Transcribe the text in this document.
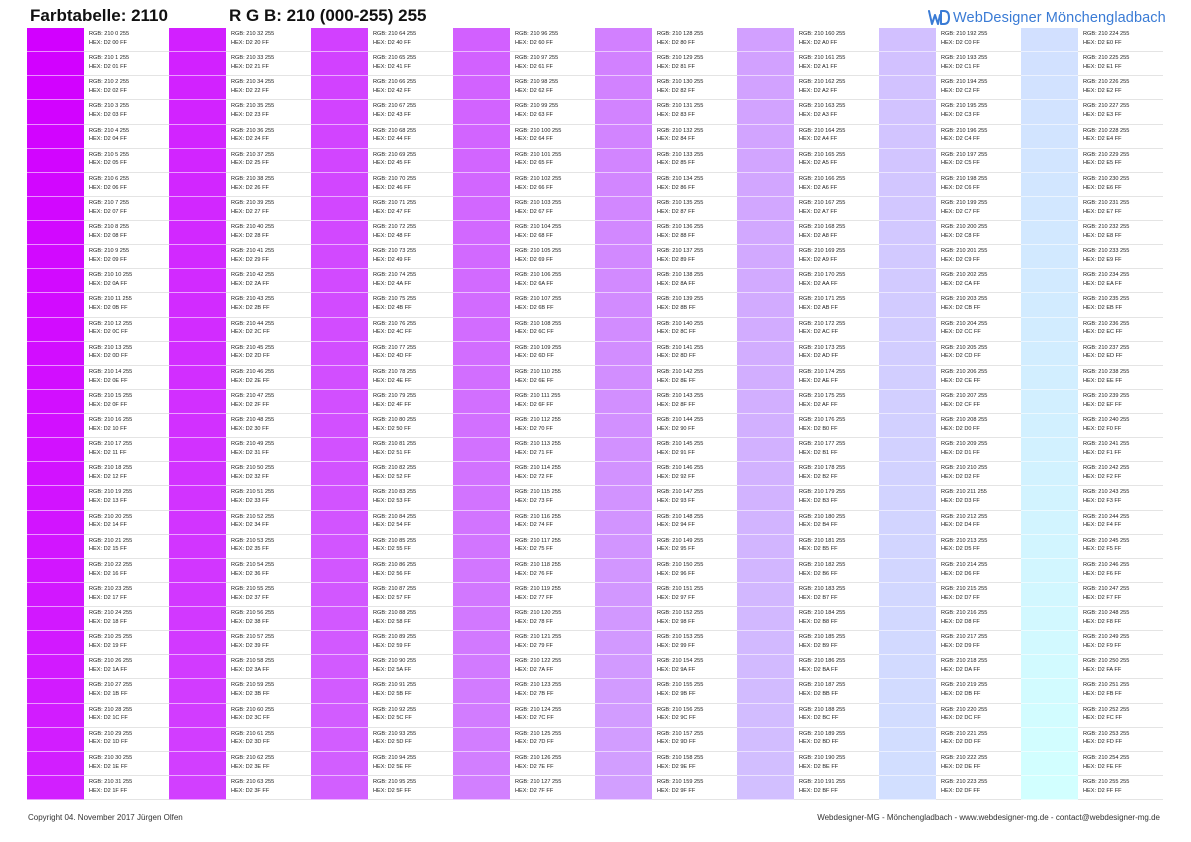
Farbtabelle: 2110	R G B: 210 (000-255) 255	WebDesigner Mönchengladbach
RGB: 210 0 255
HEX: D2 00 FF
RGB: 210 1 255
HEX: D2 01 FF
RGB: 210 2 255
HEX: D2 02 FF
RGB: 210 3 255
HEX: D2 03 FF
RGB: 210 4 255
HEX: D2 04 FF
RGB: 210 5 255
HEX: D2 05 FF
RGB: 210 6 255
HEX: D2 06 FF
RGB: 210 7 255
HEX: D2 07 FF
RGB: 210 8 255
HEX: D2 08 FF
RGB: 210 9 255
HEX: D2 09 FF
RGB: 210 10 255
HEX: D2 0A FF
RGB: 210 11 255
HEX: D2 0B FF
RGB: 210 12 255
HEX: D2 0C FF
RGB: 210 13 255
HEX: D2 0D FF
RGB: 210 14 255
HEX: D2 0E FF
RGB: 210 15 255
HEX: D2 0F FF
RGB: 210 16 255
HEX: D2 10 FF
RGB: 210 17 255
HEX: D2 11 FF
RGB: 210 18 255
HEX: D2 12 FF
RGB: 210 19 255
HEX: D2 13 FF
RGB: 210 20 255
HEX: D2 14 FF
RGB: 210 21 255
HEX: D2 15 FF
RGB: 210 22 255
HEX: D2 16 FF
RGB: 210 23 255
HEX: D2 17 FF
RGB: 210 24 255
HEX: D2 18 FF
RGB: 210 25 255
HEX: D2 19 FF
RGB: 210 26 255
HEX: D2 1A FF
RGB: 210 27 255
HEX: D2 1B FF
RGB: 210 28 255
HEX: D2 1C FF
RGB: 210 29 255
HEX: D2 1D FF
RGB: 210 30 255
HEX: D2 1E FF
RGB: 210 31 255
HEX: D2 1F FF
RGB: 210 32 255
HEX: D2 20 FF
RGB: 210 33 255
HEX: D2 21 FF
RGB: 210 34 255
HEX: D2 22 FF
RGB: 210 35 255
HEX: D2 23 FF
RGB: 210 36 255
HEX: D2 24 FF
RGB: 210 37 255
HEX: D2 25 FF
RGB: 210 38 255
HEX: D2 26 FF
RGB: 210 39 255
HEX: D2 27 FF
RGB: 210 40 255
HEX: D2 28 FF
RGB: 210 41 255
HEX: D2 29 FF
RGB: 210 42 255
HEX: D2 2A FF
RGB: 210 43 255
HEX: D2 2B FF
RGB: 210 44 255
HEX: D2 2C FF
RGB: 210 45 255
HEX: D2 2D FF
RGB: 210 46 255
HEX: D2 2E FF
RGB: 210 47 255
HEX: D2 2F FF
RGB: 210 48 255
HEX: D2 30 FF
RGB: 210 49 255
HEX: D2 31 FF
RGB: 210 50 255
HEX: D2 32 FF
RGB: 210 51 255
HEX: D2 33 FF
RGB: 210 52 255
HEX: D2 34 FF
RGB: 210 53 255
HEX: D2 35 FF
RGB: 210 54 255
HEX: D2 36 FF
RGB: 210 55 255
HEX: D2 37 FF
RGB: 210 56 255
HEX: D2 38 FF
RGB: 210 57 255
HEX: D2 39 FF
RGB: 210 58 255
HEX: D2 3A FF
RGB: 210 59 255
HEX: D2 3B FF
RGB: 210 60 255
HEX: D2 3C FF
RGB: 210 61 255
HEX: D2 3D FF
RGB: 210 62 255
HEX: D2 3E FF
RGB: 210 63 255
HEX: D2 3F FF
RGB: 210 64 255
HEX: D2 40 FF
RGB: 210 65 255
HEX: D2 41 FF
RGB: 210 66 255
HEX: D2 42 FF
RGB: 210 67 255
HEX: D2 43 FF
RGB: 210 68 255
HEX: D2 44 FF
RGB: 210 69 255
HEX: D2 45 FF
RGB: 210 70 255
HEX: D2 46 FF
RGB: 210 71 255
HEX: D2 47 FF
RGB: 210 72 255
HEX: D2 48 FF
RGB: 210 73 255
HEX: D2 49 FF
RGB: 210 74 255
HEX: D2 4A FF
RGB: 210 75 255
HEX: D2 4B FF
RGB: 210 76 255
HEX: D2 4C FF
RGB: 210 77 255
HEX: D2 4D FF
RGB: 210 78 255
HEX: D2 4E FF
RGB: 210 79 255
HEX: D2 4F FF
RGB: 210 80 255
HEX: D2 50 FF
RGB: 210 81 255
HEX: D2 51 FF
RGB: 210 82 255
HEX: D2 52 FF
RGB: 210 83 255
HEX: D2 53 FF
RGB: 210 84 255
HEX: D2 54 FF
RGB: 210 85 255
HEX: D2 55 FF
RGB: 210 86 255
HEX: D2 56 FF
RGB: 210 87 255
HEX: D2 57 FF
RGB: 210 88 255
HEX: D2 58 FF
RGB: 210 89 255
HEX: D2 59 FF
RGB: 210 90 255
HEX: D2 5A FF
RGB: 210 91 255
HEX: D2 5B FF
RGB: 210 92 255
HEX: D2 5C FF
RGB: 210 93 255
HEX: D2 5D FF
RGB: 210 94 255
HEX: D2 5E FF
RGB: 210 95 255
HEX: D2 5F FF
RGB: 210 96 255
HEX: D2 60 FF
RGB: 210 97 255
HEX: D2 61 FF
RGB: 210 98 255
HEX: D2 62 FF
RGB: 210 99 255
HEX: D2 63 FF
RGB: 210 100 255
HEX: D2 64 FF
RGB: 210 101 255
HEX: D2 65 FF
RGB: 210 102 255
HEX: D2 66 FF
RGB: 210 103 255
HEX: D2 67 FF
RGB: 210 104 255
HEX: D2 68 FF
RGB: 210 105 255
HEX: D2 69 FF
RGB: 210 106 255
HEX: D2 6A FF
RGB: 210 107 255
HEX: D2 6B FF
RGB: 210 108 255
HEX: D2 6C FF
RGB: 210 109 255
HEX: D2 6D FF
RGB: 210 110 255
HEX: D2 6E FF
RGB: 210 111 255
HEX: D2 6F FF
RGB: 210 112 255
HEX: D2 70 FF
RGB: 210 113 255
HEX: D2 71 FF
RGB: 210 114 255
HEX: D2 72 FF
RGB: 210 115 255
HEX: D2 73 FF
RGB: 210 116 255
HEX: D2 74 FF
RGB: 210 117 255
HEX: D2 75 FF
RGB: 210 118 255
HEX: D2 76 FF
RGB: 210 119 255
HEX: D2 77 FF
RGB: 210 120 255
HEX: D2 78 FF
RGB: 210 121 255
HEX: D2 79 FF
RGB: 210 122 255
HEX: D2 7A FF
RGB: 210 123 255
HEX: D2 7B FF
RGB: 210 124 255
HEX: D2 7C FF
RGB: 210 125 255
HEX: D2 7D FF
RGB: 210 126 255
HEX: D2 7E FF
RGB: 210 127 255
HEX: D2 7F FF
RGB: 210 128 255
HEX: D2 80 FF
RGB: 210 129 255
HEX: D2 81 FF
RGB: 210 130 255
HEX: D2 82 FF
RGB: 210 131 255
HEX: D2 83 FF
RGB: 210 132 255
HEX: D2 84 FF
RGB: 210 133 255
HEX: D2 85 FF
RGB: 210 134 255
HEX: D2 86 FF
RGB: 210 135 255
HEX: D2 87 FF
RGB: 210 136 255
HEX: D2 88 FF
RGB: 210 137 255
HEX: D2 89 FF
RGB: 210 138 255
HEX: D2 8A FF
RGB: 210 139 255
HEX: D2 8B FF
RGB: 210 140 255
HEX: D2 8C FF
RGB: 210 141 255
HEX: D2 8D FF
RGB: 210 142 255
HEX: D2 8E FF
RGB: 210 143 255
HEX: D2 8F FF
RGB: 210 144 255
HEX: D2 90 FF
RGB: 210 145 255
HEX: D2 91 FF
RGB: 210 146 255
HEX: D2 92 FF
RGB: 210 147 255
HEX: D2 93 FF
RGB: 210 148 255
HEX: D2 94 FF
RGB: 210 149 255
HEX: D2 95 FF
RGB: 210 150 255
HEX: D2 96 FF
RGB: 210 151 255
HEX: D2 97 FF
RGB: 210 152 255
HEX: D2 98 FF
RGB: 210 153 255
HEX: D2 99 FF
RGB: 210 154 255
HEX: D2 9A FF
RGB: 210 155 255
HEX: D2 9B FF
RGB: 210 156 255
HEX: D2 9C FF
RGB: 210 157 255
HEX: D2 9D FF
RGB: 210 158 255
HEX: D2 9E FF
RGB: 210 159 255
HEX: D2 9F FF
RGB: 210 160 255
HEX: D2 A0 FF
RGB: 210 161 255
HEX: D2 A1 FF
RGB: 210 162 255
HEX: D2 A2 FF
RGB: 210 163 255
HEX: D2 A3 FF
RGB: 210 164 255
HEX: D2 A4 FF
RGB: 210 165 255
HEX: D2 A5 FF
RGB: 210 166 255
HEX: D2 A6 FF
RGB: 210 167 255
HEX: D2 A7 FF
RGB: 210 168 255
HEX: D2 A8 FF
RGB: 210 169 255
HEX: D2 A9 FF
RGB: 210 170 255
HEX: D2 AA FF
RGB: 210 171 255
HEX: D2 AB FF
RGB: 210 172 255
HEX: D2 AC FF
RGB: 210 173 255
HEX: D2 AD FF
RGB: 210 174 255
HEX: D2 AE FF
RGB: 210 175 255
HEX: D2 AF FF
RGB: 210 176 255
HEX: D2 B0 FF
RGB: 210 177 255
HEX: D2 B1 FF
RGB: 210 178 255
HEX: D2 B2 FF
RGB: 210 179 255
HEX: D2 B3 FF
RGB: 210 180 255
HEX: D2 B4 FF
RGB: 210 181 255
HEX: D2 B5 FF
RGB: 210 182 255
HEX: D2 B6 FF
RGB: 210 183 255
HEX: D2 B7 FF
RGB: 210 184 255
HEX: D2 B8 FF
RGB: 210 185 255
HEX: D2 B9 FF
RGB: 210 186 255
HEX: D2 BA FF
RGB: 210 187 255
HEX: D2 BB FF
RGB: 210 188 255
HEX: D2 BC FF
RGB: 210 189 255
HEX: D2 BD FF
RGB: 210 190 255
HEX: D2 BE FF
RGB: 210 191 255
HEX: D2 BF FF
RGB: 210 192 255
HEX: D2 C0 FF
RGB: 210 193 255
HEX: D2 C1 FF
RGB: 210 194 255
HEX: D2 C2 FF
RGB: 210 195 255
HEX: D2 C3 FF
RGB: 210 196 255
HEX: D2 C4 FF
RGB: 210 197 255
HEX: D2 C5 FF
RGB: 210 198 255
HEX: D2 C6 FF
RGB: 210 199 255
HEX: D2 C7 FF
RGB: 210 200 255
HEX: D2 C8 FF
RGB: 210 201 255
HEX: D2 C9 FF
RGB: 210 202 255
HEX: D2 CA FF
RGB: 210 203 255
HEX: D2 CB FF
RGB: 210 204 255
HEX: D2 CC FF
RGB: 210 205 255
HEX: D2 CD FF
RGB: 210 206 255
HEX: D2 CE FF
RGB: 210 207 255
HEX: D2 CF FF
RGB: 210 208 255
HEX: D2 D0 FF
RGB: 210 209 255
HEX: D2 D1 FF
RGB: 210 210 255
HEX: D2 D2 FF
RGB: 210 211 255
HEX: D2 D3 FF
RGB: 210 212 255
HEX: D2 D4 FF
RGB: 210 213 255
HEX: D2 D5 FF
RGB: 210 214 255
HEX: D2 D6 FF
RGB: 210 215 255
HEX: D2 D7 FF
RGB: 210 216 255
HEX: D2 D8 FF
RGB: 210 217 255
HEX: D2 D9 FF
RGB: 210 218 255
HEX: D2 DA FF
RGB: 210 219 255
HEX: D2 DB FF
RGB: 210 220 255
HEX: D2 DC FF
RGB: 210 221 255
HEX: D2 DD FF
RGB: 210 222 255
HEX: D2 DE FF
RGB: 210 223 255
HEX: D2 DF FF
RGB: 210 224 255
HEX: D2 E0 FF
RGB: 210 225 255
HEX: D2 E1 FF
RGB: 210 226 255
HEX: D2 E2 FF
RGB: 210 227 255
HEX: D2 E3 FF
RGB: 210 228 255
HEX: D2 E4 FF
RGB: 210 229 255
HEX: D2 E5 FF
RGB: 210 230 255
HEX: D2 E6 FF
RGB: 210 231 255
HEX: D2 E7 FF
RGB: 210 232 255
HEX: D2 E8 FF
RGB: 210 233 255
HEX: D2 E9 FF
RGB: 210 234 255
HEX: D2 EA FF
RGB: 210 235 255
HEX: D2 EB FF
RGB: 210 236 255
HEX: D2 EC FF
RGB: 210 237 255
HEX: D2 ED FF
RGB: 210 238 255
HEX: D2 EE FF
RGB: 210 239 255
HEX: D2 EF FF
RGB: 210 240 255
HEX: D2 F0 FF
RGB: 210 241 255
HEX: D2 F1 FF
RGB: 210 242 255
HEX: D2 F2 FF
RGB: 210 243 255
HEX: D2 F3 FF
RGB: 210 244 255
HEX: D2 F4 FF
RGB: 210 245 255
HEX: D2 F5 FF
RGB: 210 246 255
HEX: D2 F6 FF
RGB: 210 247 255
HEX: D2 F7 FF
RGB: 210 248 255
HEX: D2 F8 FF
RGB: 210 249 255
HEX: D2 F9 FF
RGB: 210 250 255
HEX: D2 FA FF
RGB: 210 251 255
HEX: D2 FB FF
RGB: 210 252 255
HEX: D2 FC FF
RGB: 210 253 255
HEX: D2 FD FF
RGB: 210 254 255
HEX: D2 FE FF
RGB: 210 255 255
HEX: D2 FF FF
Copyright 04. November 2017 Jürgen Olfen	Webdesigner-MG - Mönchengladbach - www.webdesigner-mg.de - contact@webdesigner-mg.de
